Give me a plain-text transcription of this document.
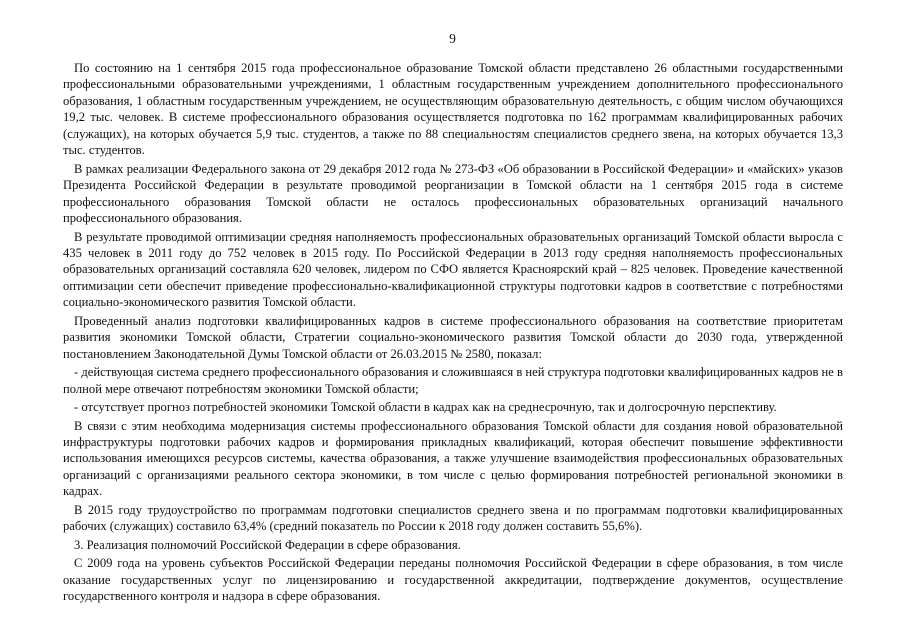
9

По состоянию на 1 сентября 2015 года профессиональное образование Томской области представлено 26 областными государственными профессиональными образовательными учреждениями, 1 областным государственным учреждением дополнительного профессионального образования, 1 областным государственным учреждением, не осуществляющим образовательную деятельность, с общим числом обучающихся 19,2 тыс. человек. В системе профессионального образования осуществляется подготовка по 162 программам квалифицированных рабочих (служащих), на которых обучается 5,9 тыс. студентов, а также по 88 специальностям специалистов среднего звена, на которых обучается 13,3 тыс. студентов.

В рамках реализации Федерального закона от 29 декабря 2012 года № 273-ФЗ «Об образовании в Российской Федерации» и «майских» указов Президента Российской Федерации в результате проводимой реорганизации в Томской области на 1 сентября 2015 года в системе профессионального образования Томской области не осталось профессиональных образовательных организаций начального профессионального образования.

В результате проводимой оптимизации средняя наполняемость профессиональных образовательных организаций Томской области выросла с 435 человек в 2011 году до 752 человек в 2015 году. По Российской Федерации в 2013 году средняя наполняемость профессиональных образовательных организаций составляла 620 человек, лидером по СФО является Красноярский край – 825 человек. Проведение качественной оптимизации сети обеспечит приведение профессионально-квалификационной структуры подготовки кадров в соответствие с потребностями социально-экономического развития Томской области.

Проведенный анализ подготовки квалифицированных кадров в системе профессионального образования на соответствие приоритетам развития экономики Томской области, Стратегии социально-экономического развития Томской области до 2030 года, утвержденной постановлением Законодательной Думы Томской области от 26.03.2015 № 2580, показал:

- действующая система среднего профессионального образования и сложившаяся в ней структура подготовки квалифицированных кадров не в полной мере отвечают потребностям экономики Томской области;

- отсутствует прогноз потребностей экономики Томской области в кадрах как на среднесрочную, так и долгосрочную перспективу.

В связи с этим необходима модернизация системы профессионального образования Томской области для создания новой образовательной инфраструктуры подготовки рабочих кадров и формирования прикладных квалификаций, которая обеспечит повышение эффективности использования имеющихся ресурсов системы, качества образования, а также улучшение взаимодействия профессиональных образовательных организаций с организациями реального сектора экономики, в том числе с целью формирования потребностей региональной экономики в кадрах.

В 2015 году трудоустройство по программам подготовки специалистов среднего звена и по программам подготовки квалифицированных рабочих (служащих) составило 63,4% (средний показатель по России к 2018 году должен составить 55,6%).

3. Реализация полномочий Российской Федерации в сфере образования.

С 2009 года на уровень субъектов Российской Федерации переданы полномочия Российской Федерации в сфере образования, в том числе оказание государственных услуг по лицензированию и государственной аккредитации, подтверждение документов, осуществление государственного контроля и надзора в сфере образования.
